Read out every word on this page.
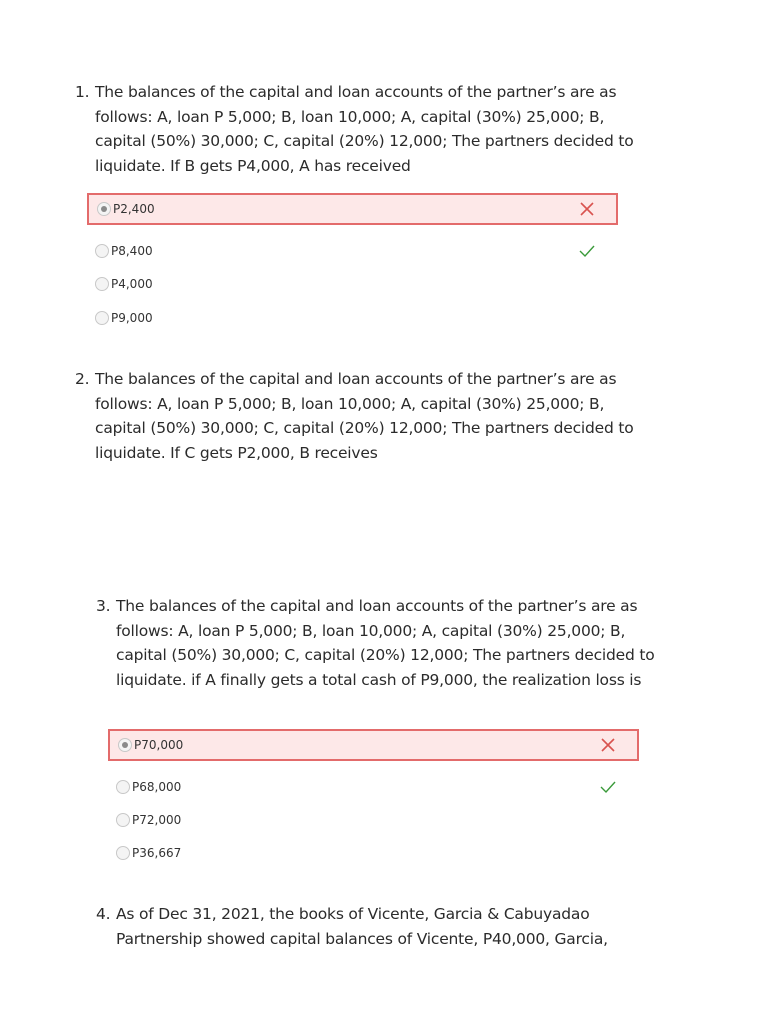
1. The balances of the capital and loan accounts of the partner’s are as follows: A, loan P 5,000; B, loan 10,000; A, capital (30%) 25,000; B, capital (50%) 30,000; C, capital (20%) 12,000; The partners decided to liquidate. If B gets P4,000, A has received

P2,400
P8,400
P4,000
P9,000

2. The balances of the capital and loan accounts of the partner’s are as follows: A, loan P 5,000; B, loan 10,000; A, capital (30%) 25,000; B, capital (50%) 30,000; C, capital (20%) 12,000; The partners decided to liquidate. If C gets P2,000, B receives

3. The balances of the capital and loan accounts of the partner’s are as follows: A, loan P 5,000; B, loan 10,000; A, capital (30%) 25,000; B, capital (50%) 30,000; C, capital (20%) 12,000; The partners decided to liquidate. if A finally gets a total cash of P9,000, the realization loss is

P70,000
P68,000
P72,000
P36,667

4. As of Dec 31, 2021, the books of Vicente, Garcia & Cabuyadao Partnership showed capital balances of Vicente, P40,000, Garcia,
